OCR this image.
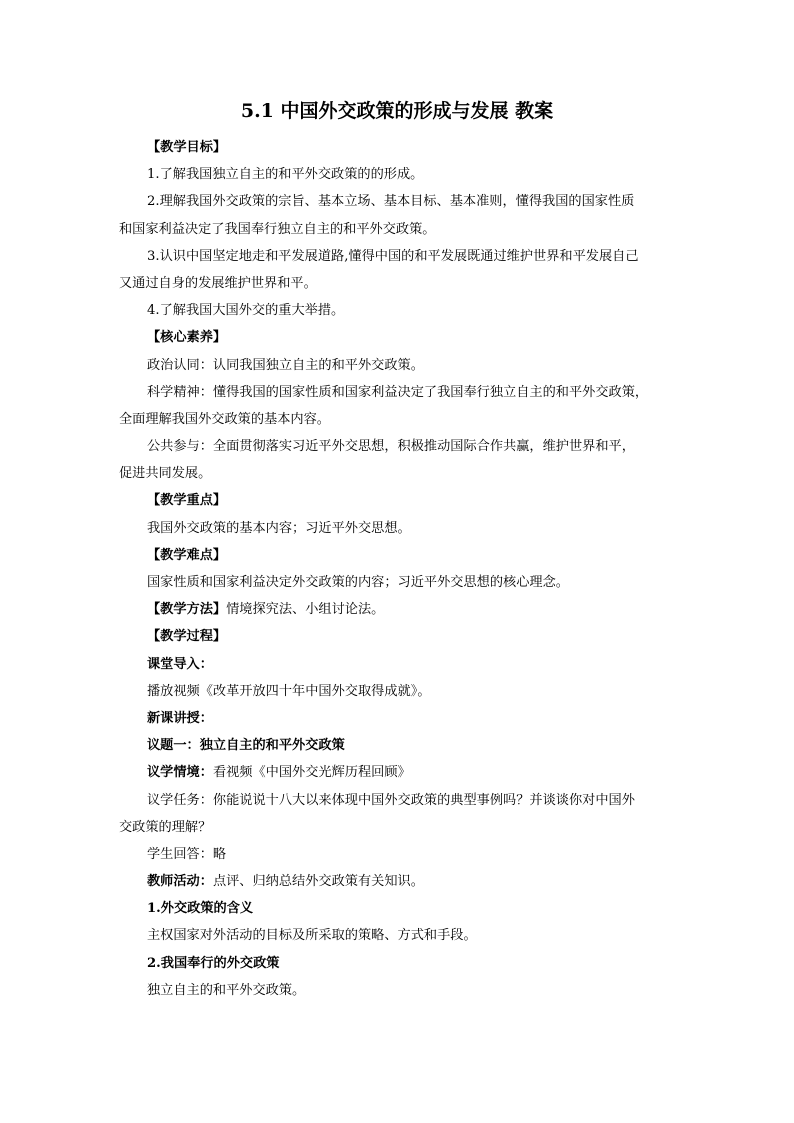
5.1 中国外交政策的形成与发展 教案
【教学目标】
1.了解我国独立自主的和平外交政策的的形成。
2.理解我国外交政策的宗旨、基本立场、基本目标、基本准则，懂得我国的国家性质
和国家利益决定了我国奉行独立自主的和平外交政策。
3.认识中国坚定地走和平发展道路,懂得中国的和平发展既通过维护世界和平发展自己
又通过自身的发展维护世界和平。
4.了解我国大国外交的重大举措。
【核心素养】
政治认同：认同我国独立自主的和平外交政策。
科学精神：懂得我国的国家性质和国家利益决定了我国奉行独立自主的和平外交政策，
全面理解我国外交政策的基本内容。
公共参与：全面贯彻落实习近平外交思想，积极推动国际合作共赢，维护世界和平，
促进共同发展。
【教学重点】
我国外交政策的基本内容；习近平外交思想。
【教学难点】
国家性质和国家利益决定外交政策的内容；习近平外交思想的核心理念。
【教学方法】情境探究法、小组讨论法。
【教学过程】
课堂导入：
播放视频《改革开放四十年中国外交取得成就》。
新课讲授：
议题一：独立自主的和平外交政策
议学情境：看视频《中国外交光辉历程回顾》
议学任务：你能说说十八大以来体现中国外交政策的典型事例吗？并谈谈你对中国外
交政策的理解？
学生回答：略
教师活动：点评、归纳总结外交政策有关知识。
1.外交政策的含义
主权国家对外活动的目标及所采取的策略、方式和手段。
2.我国奉行的外交政策
独立自主的和平外交政策。
